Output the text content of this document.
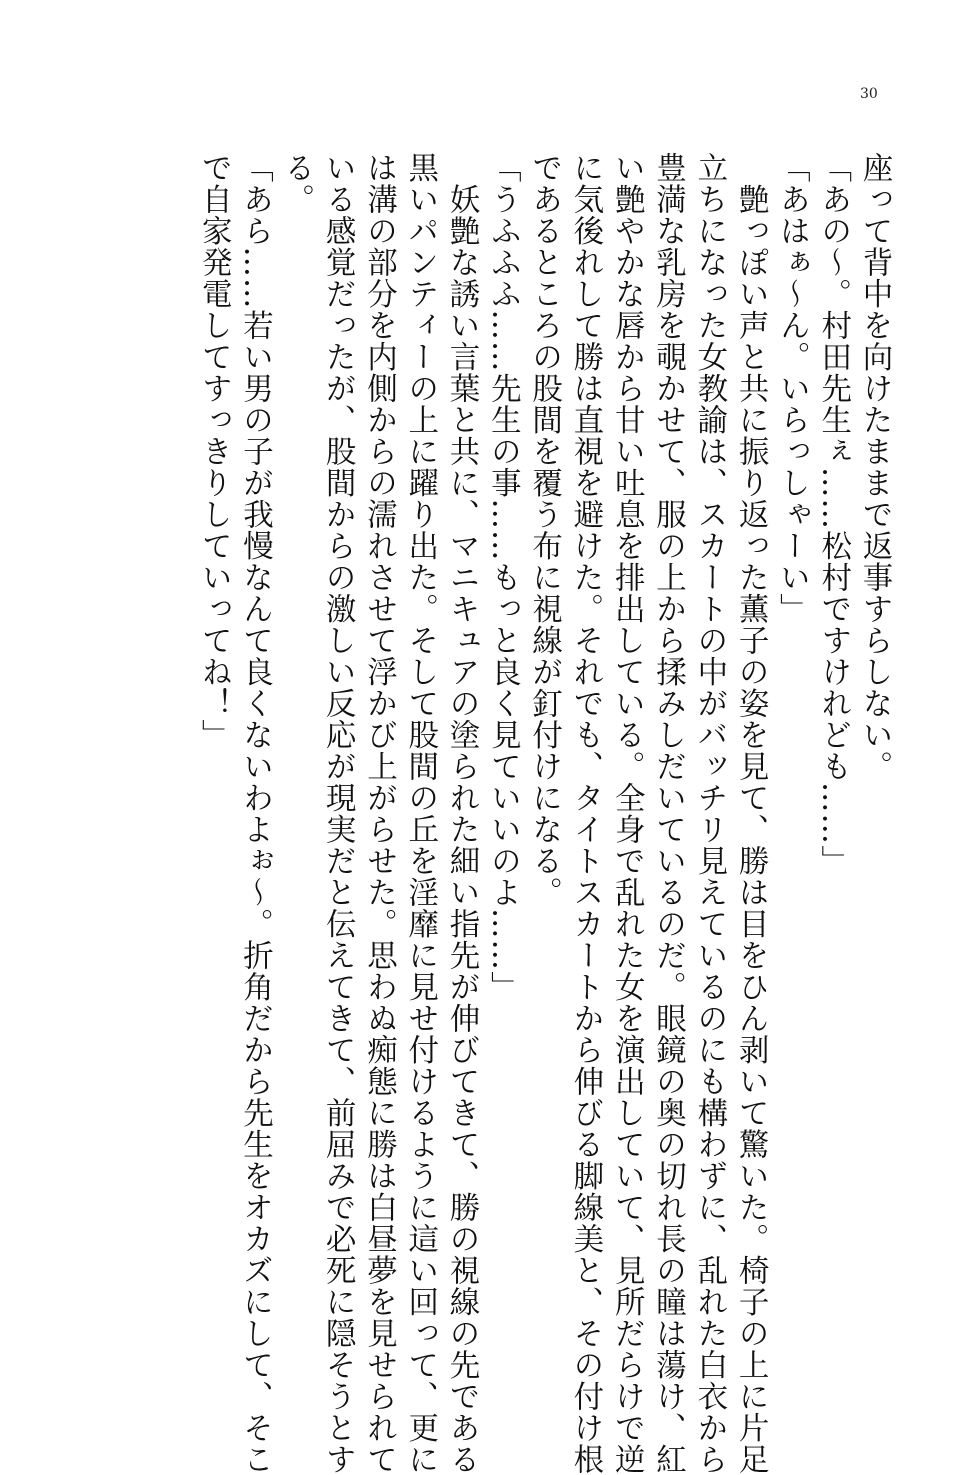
30

座って背中を向けたままで返事すらしない。

「あの～。村田先生ぇ……松村ですけれども……」

「あはぁ～ん。いらっしゃーい」

　艶っぽい声と共に振り返った薫子の姿を見て、勝は目をひん剥いて驚いた。椅子の上に片足

立ちになった女教諭は、スカートの中がバッチリ見えているのにも構わずに、乱れた白衣から

豊満な乳房を覗かせて、服の上から揉みしだいているのだ。眼鏡の奥の切れ長の瞳は蕩け、紅

い艶やかな唇から甘い吐息を排出している。全身で乱れた女を演出していて、見所だらけで逆

に気後れして勝は直視を避けた。それでも、タイトスカートから伸びる脚線美と、その付け根

であるところの股間を覆う布に視線が釘付けになる。

「うふふふ……先生の事……もっと良く見ていいのよ……」

　妖艶な誘い言葉と共に、マニキュアの塗られた細い指先が伸びてきて、勝の視線の先である

黒いパンティーの上に躍り出た。そして股間の丘を淫靡に見せ付けるように這い回って、更に

は溝の部分を内側からの濡れさせて浮かび上がらせた。思わぬ痴態に勝は白昼夢を見せられて

いる感覚だったが、股間からの激しい反応が現実だと伝えてきて、前屈みで必死に隠そうとす

る。

「あら……若い男の子が我慢なんて良くないわよぉ～。折角だから先生をオカズにして、そこ

で自家発電してすっきりしていってね！」
